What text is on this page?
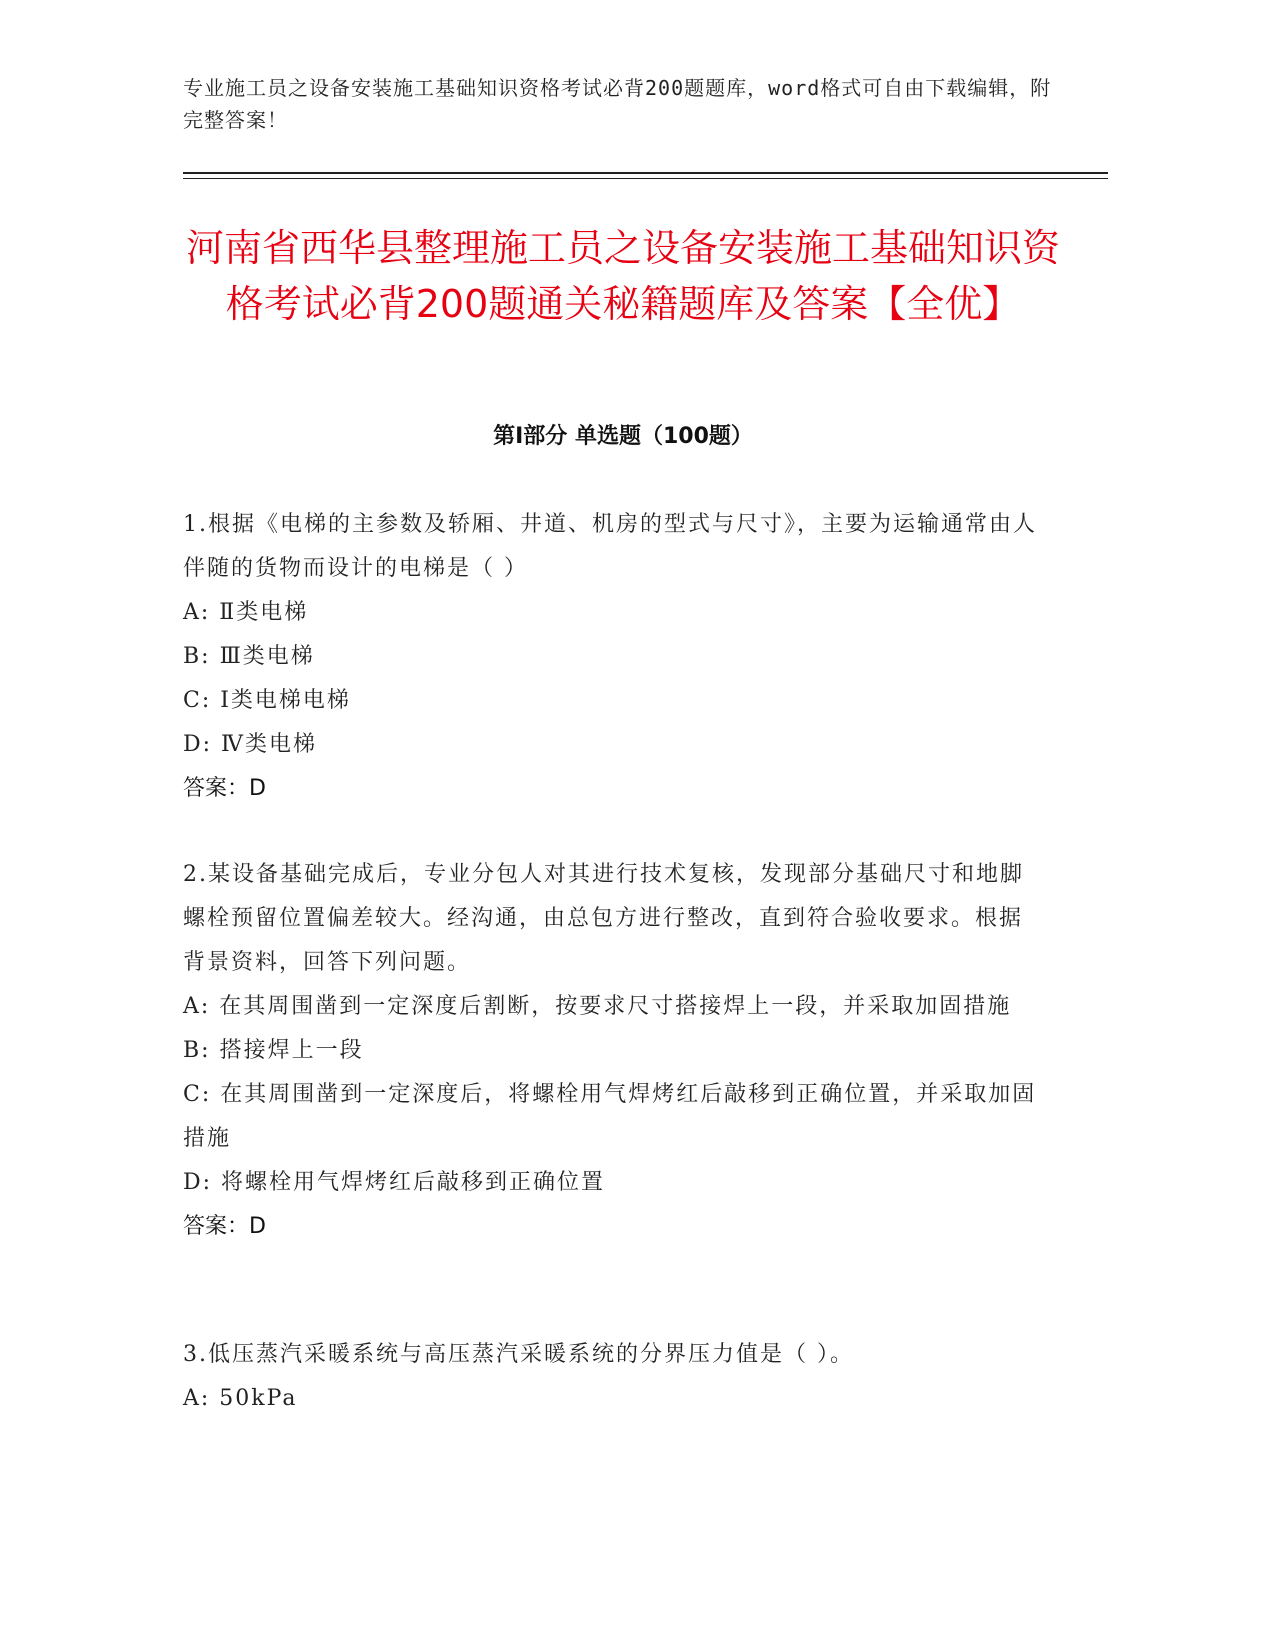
专业施工员之设备安装施工基础知识资格考试必背200题题库，word格式可自由下载编辑，附完整答案！
河南省西华县整理施工员之设备安装施工基础知识资格考试必背200题通关秘籍题库及答案【全优】
第Ⅰ部分 单选题（100题）

1.根据《电梯的主参数及轿厢、井道、机房的型式与尺寸》，主要为运输通常由人伴随的货物而设计的电梯是（ ）

A: Ⅱ类电梯

B: Ⅲ类电梯

C: Ⅰ类电梯电梯

D: Ⅳ类电梯

答案：D

2.某设备基础完成后，专业分包人对其进行技术复核，发现部分基础尺寸和地脚螺栓预留位置偏差较大。经沟通，由总包方进行整改，直到符合验收要求。根据背景资料，回答下列问题。

A: 在其周围凿到一定深度后割断，按要求尺寸搭接焊上一段，并采取加固措施

B: 搭接焊上一段

C: 在其周围凿到一定深度后，将螺栓用气焊烤红后敲移到正确位置，并采取加固措施

D: 将螺栓用气焊烤红后敲移到正确位置

答案：D

3.低压蒸汽采暖系统与高压蒸汽采暖系统的分界压力值是（ ）。

A: 50kPa
